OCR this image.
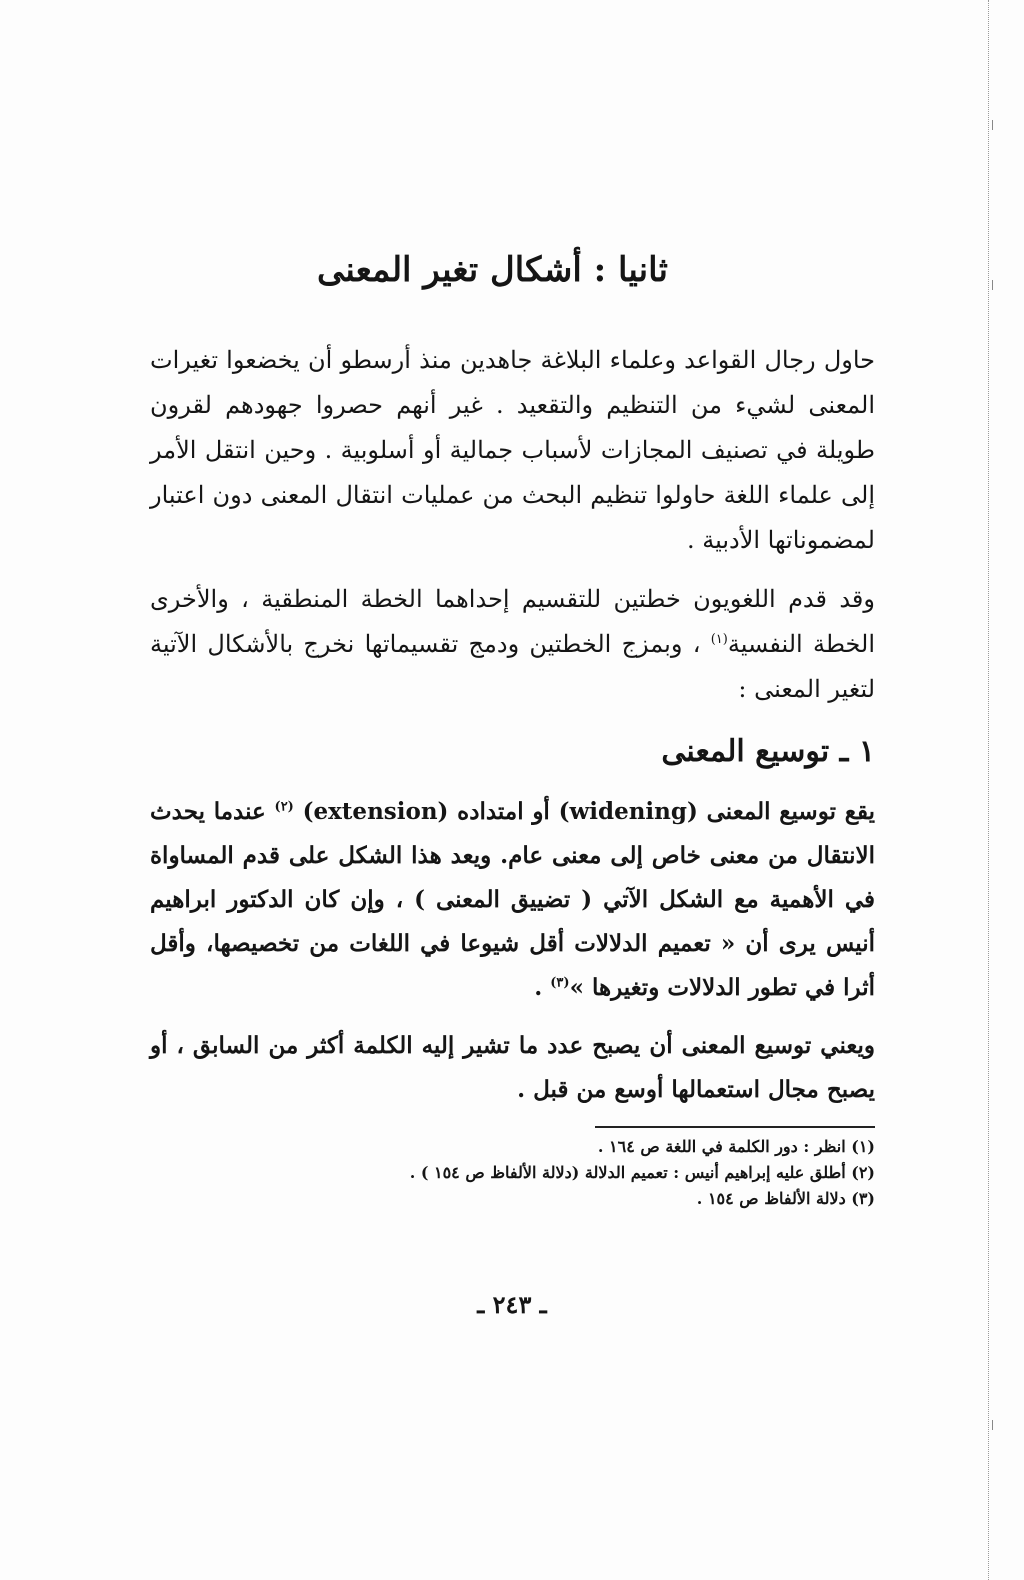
ثانيا : أشكال تغير المعنى

حاول رجال القواعد وعلماء البلاغة جاهدين منذ أرسطو أن يخضعوا تغيرات المعنى لشيء من التنظيم والتقعيد . غير أنهم حصروا جهودهم لقرون طويلة في تصنيف المجازات لأسباب جمالية أو أسلوبية . وحين انتقل الأمر إلى علماء اللغة حاولوا تنظيم البحث من عمليات انتقال المعنى دون اعتبار لمضموناتها الأدبية .

وقد قدم اللغويون خطتين للتقسيم إحداهما الخطة المنطقية ، والأخرى الخطة النفسية$^{(١)}$ ، وبمزج الخطتين ودمج تقسيماتها نخرج بالأشكال الآتية لتغير المعنى :

١ ـ توسيع المعنى

يقع توسيع المعنى (widening) أو امتداده (extension) $^{(٢)}$ عندما يحدث الانتقال من معنى خاص إلى معنى عام. ويعد هذا الشكل على قدم المساواة في الأهمية مع الشكل الآتي ( تضييق المعنى ) ، وإن كان الدكتور ابراهيم أنيس يرى أن « تعميم الدلالات أقل شيوعا في اللغات من تخصيصها، وأقل أثرا في تطور الدلالات وتغيرها »$^{(٣)}$ .

ويعني توسيع المعنى أن يصبح عدد ما تشير إليه الكلمة أكثر من السابق ، أو يصبح مجال استعمالها أوسع من قبل .

(١) انظر : دور الكلمة في اللغة ص ١٦٤ .

(٢) أطلق عليه إبراهيم أنيس : تعميم الدلالة (دلالة الألفاظ ص ١٥٤ ) .

(٣) دلالة الألفاظ ص ١٥٤ .

ـ ٢٤٣ ـ
